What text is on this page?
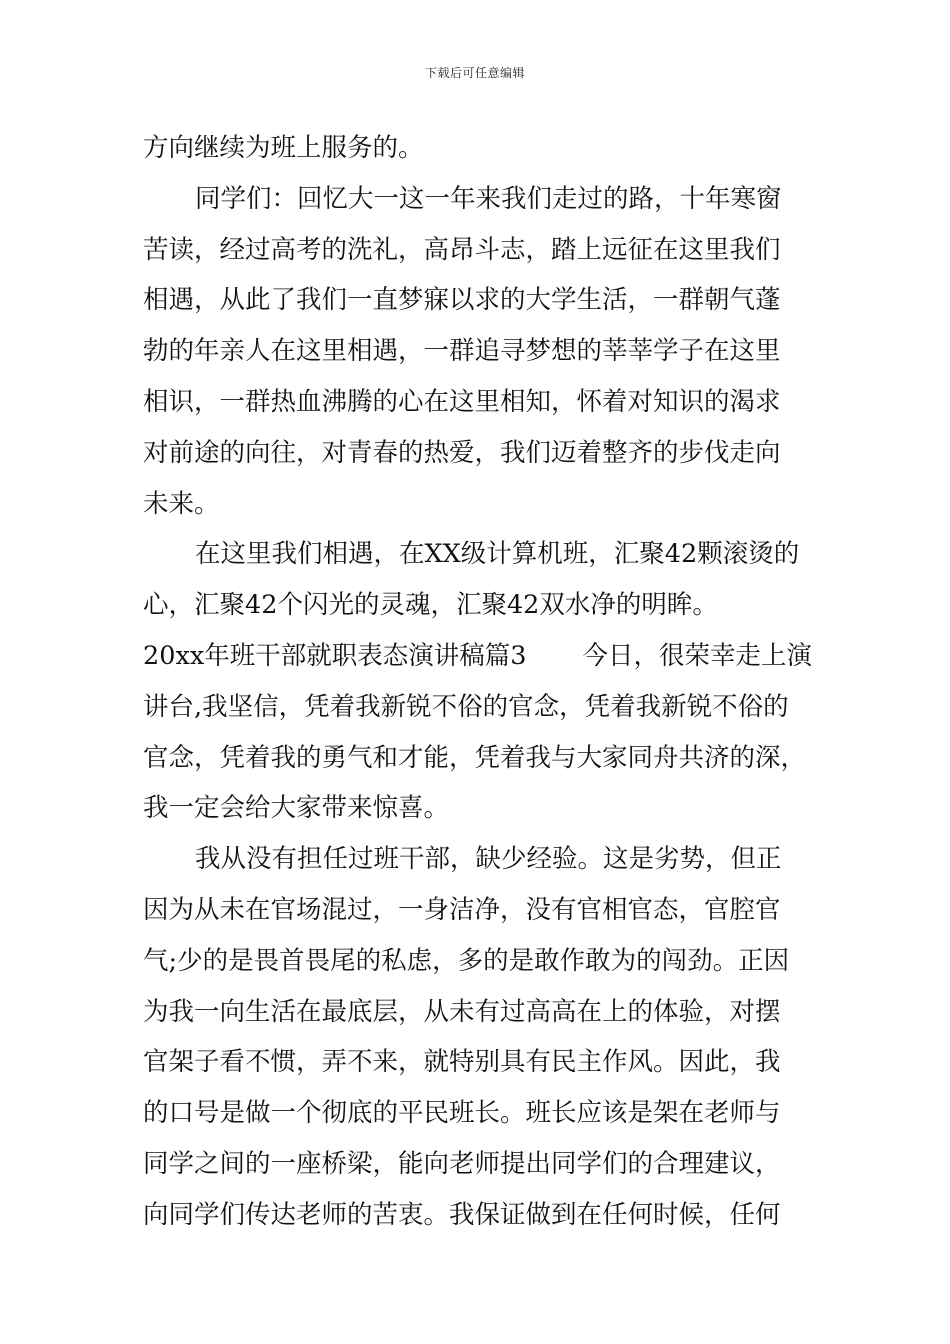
下载后可任意编辑
方向继续为班上服务的。
同学们：回忆大一这一年来我们走过的路，十年寒窗
苦读，经过高考的洗礼，高昂斗志，踏上远征在这里我们
相遇，从此了我们一直梦寐以求的大学生活，一群朝气蓬
勃的年亲人在这里相遇，一群追寻梦想的莘莘学子在这里
相识，一群热血沸腾的心在这里相知，怀着对知识的渴求
对前途的向往，对青春的热爱，我们迈着整齐的步伐走向
未来。
在这里我们相遇，在XX级计算机班，汇聚42颗滚烫的
心，汇聚42个闪光的灵魂，汇聚42双水净的明眸。
20xx年班干部就职表态演讲稿篇3 今日，很荣幸走上演
讲台,我坚信，凭着我新锐不俗的官念，凭着我新锐不俗的
官念，凭着我的勇气和才能，凭着我与大家同舟共济的深，
我一定会给大家带来惊喜。
我从没有担任过班干部，缺少经验。这是劣势，但正
因为从未在官场混过，一身洁净，没有官相官态，官腔官
气;少的是畏首畏尾的私虑，多的是敢作敢为的闯劲。正因
为我一向生活在最底层，从未有过高高在上的体验，对摆
官架子看不惯，弄不来，就特别具有民主作风。因此，我
的口号是做一个彻底的平民班长。班长应该是架在老师与
同学之间的一座桥梁，能向老师提出同学们的合理建议，
向同学们传达老师的苦衷。我保证做到在任何时候，任何
